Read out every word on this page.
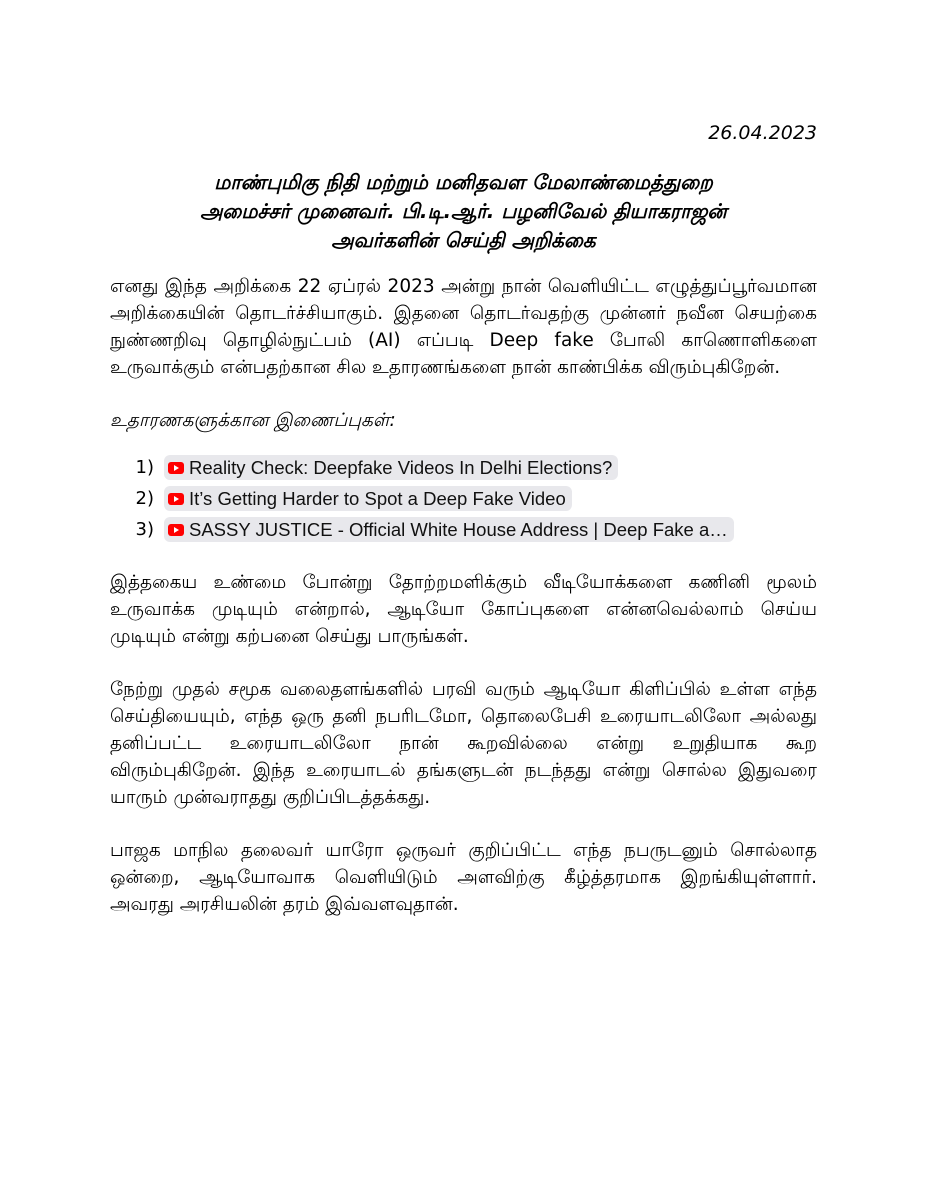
26.04.2023
மாண்புமிகு நிதி மற்றும் மனிதவள மேலாண்மைத்துறை
அமைச்சர் முனைவர். பி.டி.ஆர். பழனிவேல் தியாகராஜன்
அவர்களின் செய்தி அறிக்கை

எனது இந்த அறிக்கை 22 ஏப்ரல் 2023 அன்று நான் வெளியிட்ட எழுத்துப்பூர்வமான அறிக்கையின் தொடர்ச்சியாகும். இதனை தொடர்வதற்கு முன்னர் நவீன செயற்கை நுண்ணறிவு தொழில்நுட்பம் (AI) எப்படி Deep fake போலி காணொளிகளை உருவாக்கும் என்பதற்கான சில உதாரணங்களை நான் காண்பிக்க விரும்புகிறேன்.

உதாரணகளுக்கான இணைப்புகள்:
1)	Reality Check: Deepfake Videos In Delhi Elections?
2)	It’s Getting Harder to Spot a Deep Fake Video
3)	SASSY JUSTICE - Official White House Address | Deep Fake a…

இத்தகைய உண்மை போன்று தோற்றமளிக்கும் வீடியோக்களை கணினி மூலம் உருவாக்க முடியும் என்றால், ஆடியோ கோப்புகளை என்னவெல்லாம் செய்ய முடியும் என்று கற்பனை செய்து பாருங்கள்.

நேற்று முதல் சமூக வலைதளங்களில் பரவி வரும் ஆடியோ கிளிப்பில் உள்ள எந்த செய்தியையும், எந்த ஒரு தனி நபரிடமோ, தொலைபேசி உரையாடலிலோ அல்லது தனிப்பட்ட உரையாடலிலோ நான் கூறவில்லை என்று உறுதியாக கூற விரும்புகிறேன். இந்த உரையாடல் தங்களுடன் நடந்தது என்று சொல்ல இதுவரை யாரும் முன்வராதது குறிப்பிடத்தக்கது.

பாஜக மாநில தலைவர் யாரோ ஒருவர் குறிப்பிட்ட எந்த நபருடனும் சொல்லாத ஒன்றை, ஆடியோவாக வெளியிடும் அளவிற்கு கீழ்த்தரமாக இறங்கியுள்ளார். அவரது அரசியலின் தரம் இவ்வளவுதான்.
